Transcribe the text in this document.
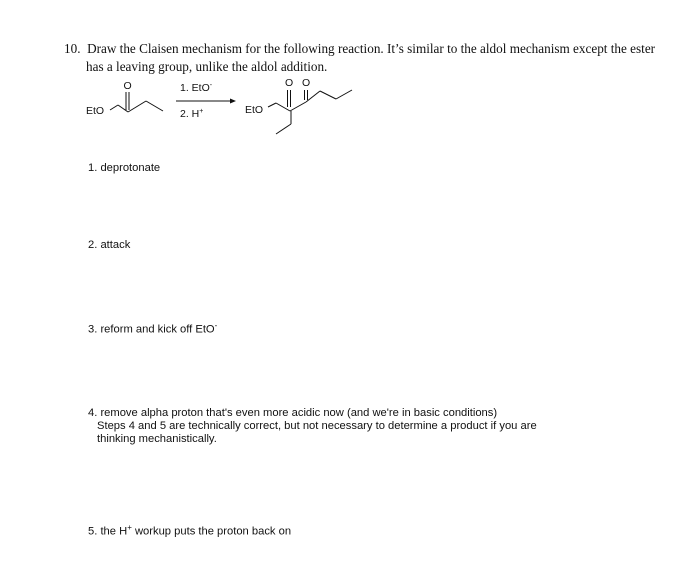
10. Draw the Claisen mechanism for the following reaction. It’s similar to the aldol mechanism except the ester

has a leaving group, unlike the aldol addition.

EtO
O	1. EtO-
2. H+	EtO
O O
1. deprotonate
2. attack
3. reform and kick off EtO-
4. remove alpha proton that's even more acidic now (and we're in basic conditions)
Steps 4 and 5 are technically correct, but not necessary to determine a product if you are
thinking mechanistically.
5. the H+ workup puts the proton back on
